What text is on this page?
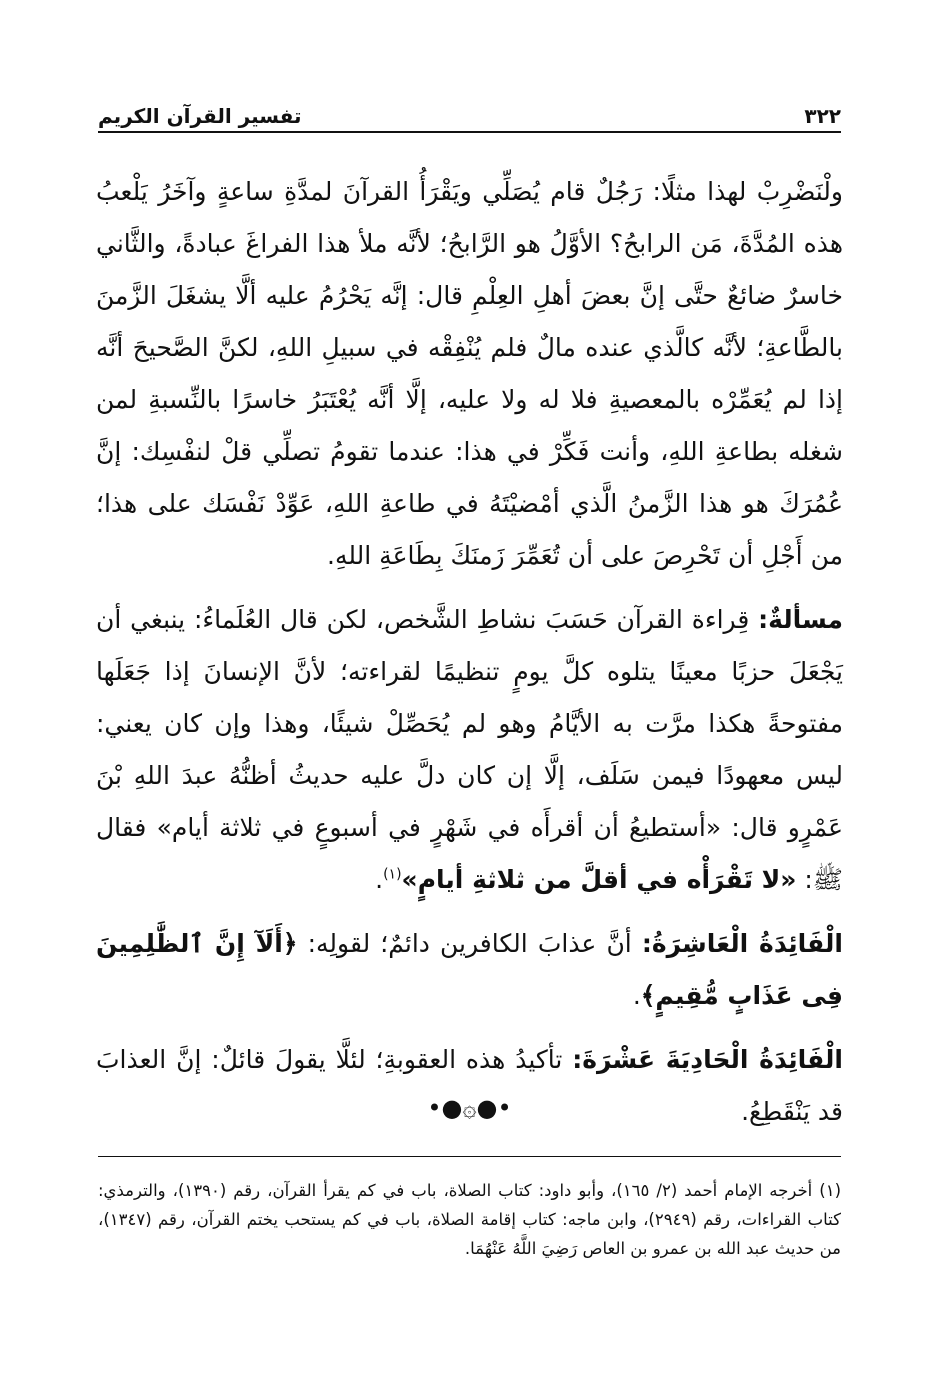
٣٢٢
تفسير القرآن الكريم

ولْنَضْرِبْ لهذا مثلًا: رَجُلٌ قام يُصَلِّي ويَقْرَأُ القرآنَ لمدَّةِ ساعةٍ وآخَرُ يَلْعبُ هذه المُدَّةَ، مَن الرابحُ؟ الأوَّلُ هو الرَّابحُ؛ لأنَّه ملأ هذا الفراغَ عبادةً، والثَّاني خاسرٌ ضائعٌ حتَّى إنَّ بعضَ أهلِ العِلْمِ قال: إنَّه يَحْرُمُ عليه ألَّا يشغَلَ الزَّمنَ بالطَّاعةِ؛ لأنَّه كالَّذي عنده مالٌ فلم يُنْفِقْه في سبيلِ اللهِ، لكنَّ الصَّحيحَ أنَّه إذا لم يُعَمِّرْه بالمعصيةِ فلا له ولا عليه، إلَّا أنَّه يُعْتَبَرُ خاسرًا بالنِّسبةِ لمن شغله بطاعةِ اللهِ، وأنت فَكِّرْ في هذا: عندما تقومُ تصلِّي قلْ لنفْسِك: إنَّ عُمُرَكَ هو هذا الزَّمنُ الَّذي أمْضيْتَهُ في طاعةِ اللهِ، عَوِّدْ نَفْسَك على هذا؛ من أَجْلِ أن تَحْرِصَ على أن تُعَمِّرَ زَمنَكَ بِطَاعَةِ اللهِ.

مسألةٌ: قِراءة القرآن حَسَبَ نشاطِ الشَّخص، لكن قال العُلَماءُ: ينبغي أن يَجْعَلَ حزبًا معينًا يتلوه كلَّ يومٍ تنظيمًا لقراءته؛ لأنَّ الإنسانَ إذا جَعَلَها مفتوحةً هكذا مرَّت به الأيَّامُ وهو لم يُحَصِّلْ شيئًا، وهذا وإن كان يعني: ليس معهودًا فيمن سَلَف، إلَّا إن كان دلَّ عليه حديثُ أظنُّهُ عبدَ اللهِ بْنَ عَمْرٍو قال: «أستطيعُ أن أقرأَه في شَهْرٍ في أسبوعٍ في ثلاثة أيام» فقال ﷺ: «لا تَقْرَأْه في أقلَّ من ثلاثةِ أيامٍ»$^{(١)}$.

الْفَائِدَةُ الْعَاشِرَةُ: أنَّ عذابَ الكافرين دائمٌ؛ لقولِه: ﴿أَلَآ إِنَّ ٱلظَّٰلِمِينَ فِى عَذَابٍ مُّقِيمٍ﴾.

الْفَائِدَةُ الْحَادِيَةَ عَشْرَةَ: تأكيدُ هذه العقوبةِ؛ لئلَّا يقولَ قائلٌ: إنَّ العذابَ قد يَنْقَطِعُ.

•●۞●•

(١) أخرجه الإمام أحمد (٢/ ١٦٥)، وأبو داود: كتاب الصلاة، باب في كم يقرأ القرآن، رقم (١٣٩٠)، والترمذي: كتاب القراءات، رقم (٢٩٤٩)، وابن ماجه: كتاب إقامة الصلاة، باب في كم يستحب يختم القرآن، رقم (١٣٤٧)، من حديث عبد الله بن عمرو بن العاص رَضِيَ اللَّهُ عَنْهُمَا.
